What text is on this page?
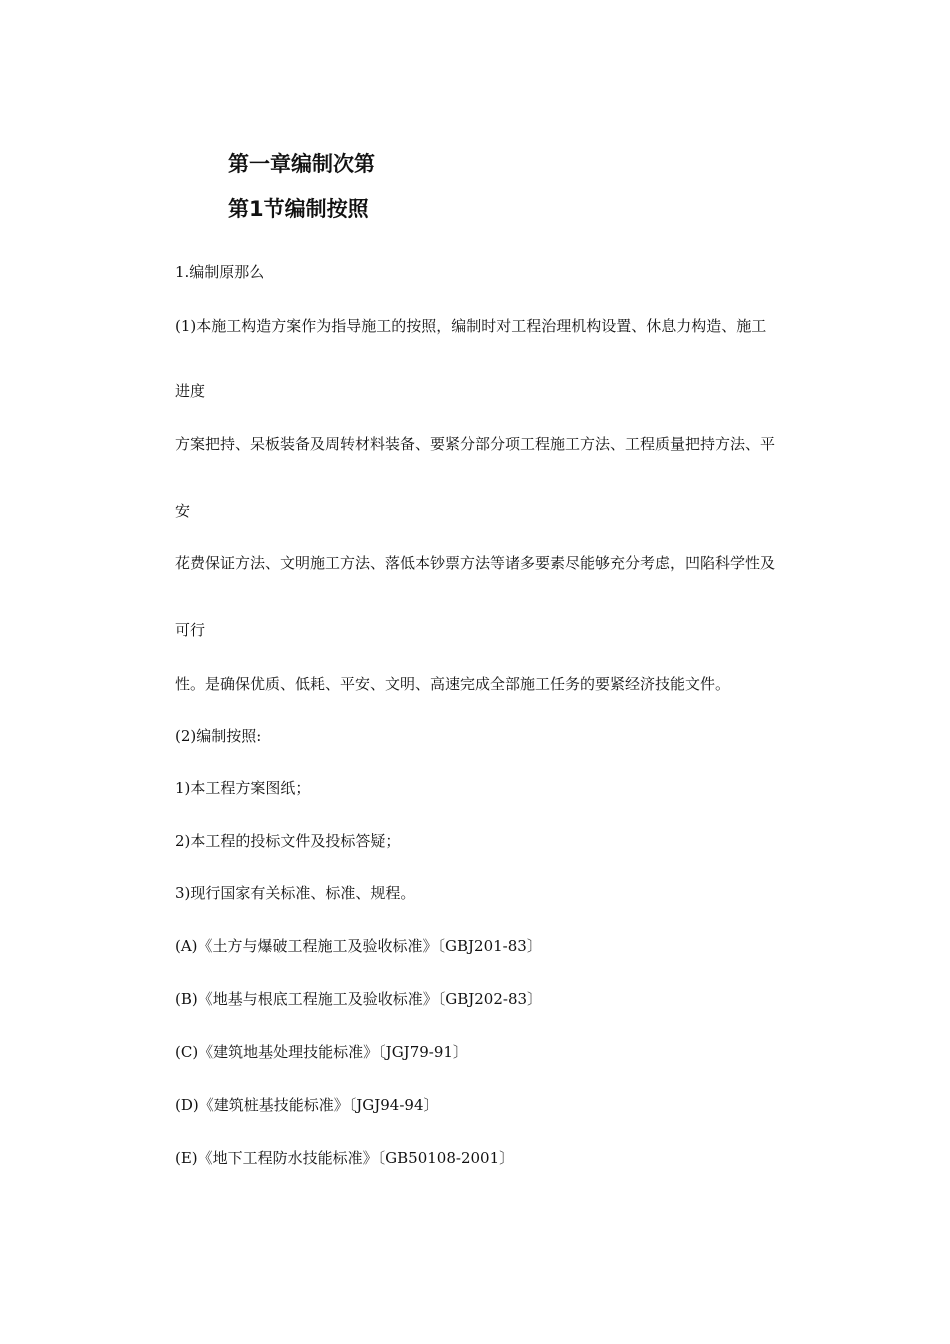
第一章编制次第
第1节编制按照
1.编制原那么
(1)本施工构造方案作为指导施工的按照，编制时对工程治理机构设置、休息力构造、施工
进度
方案把持、呆板装备及周转材料装备、要紧分部分项工程施工方法、工程质量把持方法、平
安
花费保证方法、文明施工方法、落低本钞票方法等诸多要素尽能够充分考虑，凹陷科学性及
可行
性。是确保优质、低耗、平安、文明、高速完成全部施工任务的要紧经济技能文件。
(2)编制按照:
1)本工程方案图纸；
2)本工程的投标文件及投标答疑；
3)现行国家有关标准、标准、规程。
(A)《土方与爆破工程施工及验收标准》〔GBJ201-83〕
(B)《地基与根底工程施工及验收标准》〔GBJ202-83〕
(C)《建筑地基处理技能标准》〔JGJ79-91〕
(D)《建筑桩基技能标准》〔JGJ94-94〕
(E)《地下工程防水技能标准》〔GB50108-2001〕
